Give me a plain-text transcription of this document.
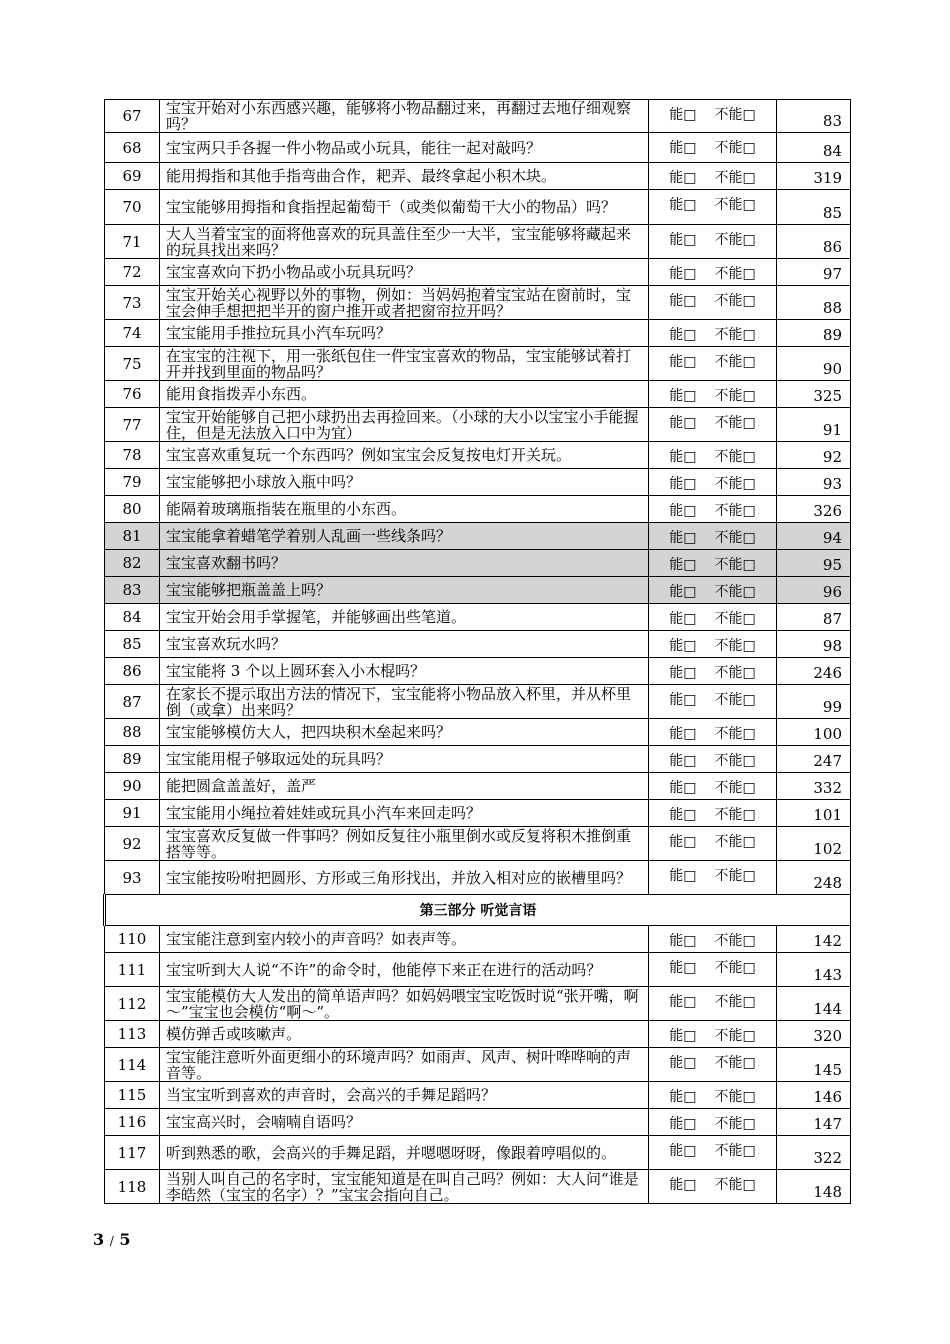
67	宝宝开始对小东西感兴趣，能够将小物品翻过来，再翻过去地仔细观察吗？	能□ 不能□	83
68	宝宝两只手各握一件小物品或小玩具，能往一起对敲吗？	能□ 不能□	84
69	能用拇指和其他手指弯曲合作，耙弄、最终拿起小积木块。	能□ 不能□	319
70	宝宝能够用拇指和食指捏起葡萄干（或类似葡萄干大小的物品）吗？	能□ 不能□	85
71	大人当着宝宝的面将他喜欢的玩具盖住至少一大半，宝宝能够将藏起来的玩具找出来吗？	能□ 不能□	86
72	宝宝喜欢向下扔小物品或小玩具玩吗？	能□ 不能□	97
73	宝宝开始关心视野以外的事物，例如：当妈妈抱着宝宝站在窗前时，宝宝会伸手想把把半开的窗户推开或者把窗帘拉开吗？	能□ 不能□	88
74	宝宝能用手推拉玩具小汽车玩吗？	能□ 不能□	89
75	在宝宝的注视下，用一张纸包住一件宝宝喜欢的物品，宝宝能够试着打开并找到里面的物品吗？	能□ 不能□	90
76	能用食指拨弄小东西。	能□ 不能□	325
77	宝宝开始能够自己把小球扔出去再捡回来。（小球的大小以宝宝小手能握住，但是无法放入口中为宜）	能□ 不能□	91
78	宝宝喜欢重复玩一个东西吗？例如宝宝会反复按电灯开关玩。	能□ 不能□	92
79	宝宝能够把小球放入瓶中吗？	能□ 不能□	93
80	能隔着玻璃瓶指装在瓶里的小东西。	能□ 不能□	326
81	宝宝能拿着蜡笔学着别人乱画一些线条吗？	能□ 不能□	94
82	宝宝喜欢翻书吗？	能□ 不能□	95
83	宝宝能够把瓶盖盖上吗？	能□ 不能□	96
84	宝宝开始会用手掌握笔，并能够画出些笔道。	能□ 不能□	87
85	宝宝喜欢玩水吗？	能□ 不能□	98
86	宝宝能将 3 个以上圆环套入小木棍吗？	能□ 不能□	246
87	在家长不提示取出方法的情况下，宝宝能将小物品放入杯里，并从杯里倒（或拿）出来吗？	能□ 不能□	99
88	宝宝能够模仿大人，把四块积木垒起来吗？	能□ 不能□	100
89	宝宝能用棍子够取远处的玩具吗？	能□ 不能□	247
90	能把圆盒盖盖好，盖严	能□ 不能□	332
91	宝宝能用小绳拉着娃娃或玩具小汽车来回走吗？	能□ 不能□	101
92	宝宝喜欢反复做一件事吗？例如反复往小瓶里倒水或反复将积木推倒重搭等等。	能□ 不能□	102
93	宝宝能按吩咐把圆形、方形或三角形找出，并放入相对应的嵌槽里吗？	能□ 不能□	248
第三部分 听觉言语			
110	宝宝能注意到室内较小的声音吗？如表声等。	能□ 不能□	142
111	宝宝听到大人说“不许”的命令时，他能停下来正在进行的活动吗？	能□ 不能□	143
112	宝宝能模仿大人发出的简单语声吗？如妈妈喂宝宝吃饭时说“张开嘴，啊～”宝宝也会模仿“啊～”。	能□ 不能□	144
113	模仿弹舌或咳嗽声。	能□ 不能□	320
114	宝宝能注意听外面更细小的环境声吗？如雨声、风声、树叶哗哗响的声音等。	能□ 不能□	145
115	当宝宝听到喜欢的声音时，会高兴的手舞足蹈吗？	能□ 不能□	146
116	宝宝高兴时，会喃喃自语吗？	能□ 不能□	147
117	听到熟悉的歌，会高兴的手舞足蹈，并嗯嗯呀呀，像跟着哼唱似的。	能□ 不能□	322
118	当别人叫自己的名字时，宝宝能知道是在叫自己吗？例如：大人问“谁是李皓然（宝宝的名字）？”宝宝会指向自己。	能□ 不能□	148
3 / 5
